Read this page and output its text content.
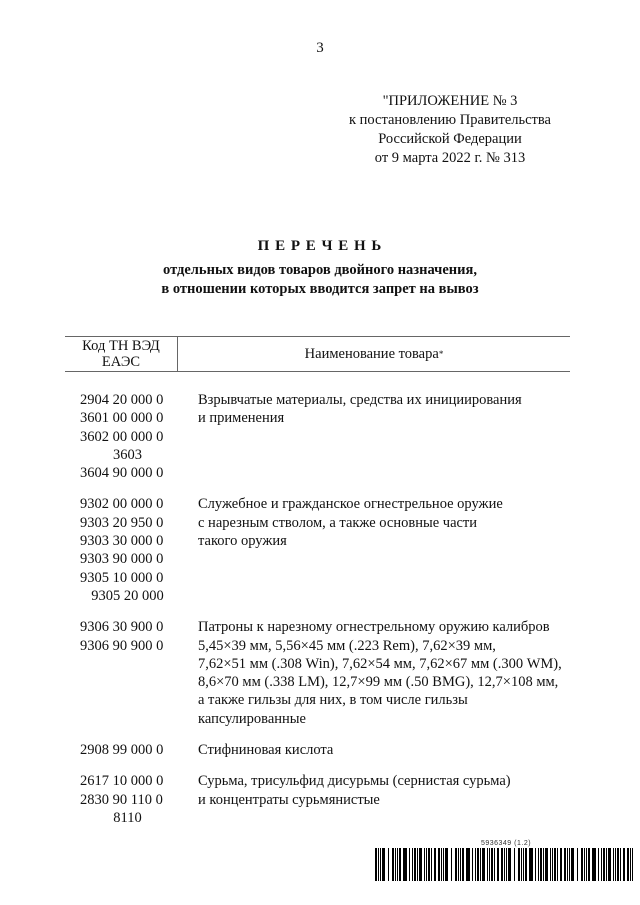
3
"ПРИЛОЖЕНИЕ № 3
к постановлению Правительства
Российской Федерации
от 9 марта 2022 г. № 313
П Е Р Е Ч Е Н Ь
отдельных видов товаров двойного назначения,
в отношении которых вводится запрет на вывоз
Код ТН ВЭД
ЕАЭС
Наименование товара *
2904 20 000 0
3601 00 000 0
3602 00 000 0
3603
3604 90 000 0
Взрывчатые материалы, средства их инициирования
и применения
9302 00 000 0
9303 20 950 0
9303 30 000 0
9303 90 000 0
9305 10 000 0
9305 20 000
Служебное и гражданское огнестрельное оружие
с нарезным стволом, а также основные части
такого оружия
9306 30 900 0
9306 90 900 0
Патроны к нарезному огнестрельному оружию калибров
5,45×39 мм, 5,56×45 мм (.223 Rem), 7,62×39 мм,
7,62×51 мм (.308 Win), 7,62×54 мм, 7,62×67 мм (.300 WM),
8,6×70 мм (.338 LM), 12,7×99 мм (.50 BMG), 12,7×108 мм,
а также гильзы для них, в том числе гильзы
капсулированные
2908 99 000 0	Стифниновая кислота
2617 10 000 0
2830 90 110 0
8110
Сурьма, трисульфид дисурьмы (сернистая сурьма)
и концентраты сурьмянистые
5936349 (1.2)
